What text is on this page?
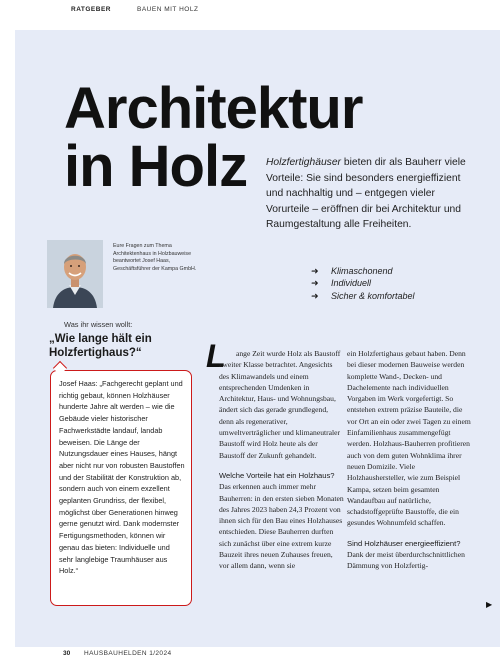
RATGEBER	BAUEN MIT HOLZ
Architektur
in Holz	Holzfertighäuser bieten dir als Bauherr viele Vorteile: Sie sind besonders energieffizient und nachhaltig und – entgegen vieler Vorurteile – eröffnen dir bei Architektur und Raumgestaltung alle Freiheiten.
Eure Fragen zum Thema Architektenhaus in Holzbauweise beantwortet Josef Haas, Geschäftsführer der Kampa GmbH.	➜ Klimaschonend
➜ Individuell
➜ Sicher & komfortabel
Was ihr wissen wollt:
„Wie lange hält ein Holzfertighaus?“
Josef Haas: „Fachgerecht geplant und richtig gebaut, können Holzhäuser hunderte Jahre alt werden – wie die Gebäude vieler historischer Fachwerkstädte landauf, landab beweisen. Die Länge der Nutzungsdauer eines Hauses, hängt aber nicht nur von robusten Baustoffen und der Stabilität der Konstruktion ab, sondern auch von einem exzellent geplanten Grundriss, der flexibel, möglichst über Generationen hinweg gerne genutzt wird. Dank modernster Fertigungsmethoden, können wir genau das bieten: Individuelle und sehr langlebige Traumhäuser aus Holz.“
L	ange Zeit wurde Holz als Baustoff zweiter Klasse betrachtet. Angesichts des Klimawandels und einem entsprechenden Umdenken in Architektur, Haus- und Wohnungsbau, ändert sich das gerade grundlegend, denn als regenerativer, umweltverträglicher und klimaneutraler Baustoff wird Holz heute als der Baustoff der Zukunft gehandelt.

Welche Vorteile hat ein Holzhaus?

Das erkennen auch immer mehr Bauherren: in den ersten sieben Monaten des Jahres 2023 haben 24,3 Prozent von ihnen sich für den Bau eines Holzhauses entschieden. Diese Bauherren durften sich zunächst über eine extrem kurze Bauzeit ihres neuen Zuhauses freuen, vor allem dann, wenn sie

ein Holzfertighaus gebaut haben. Denn bei dieser modernen Bauweise werden komplette Wand-, Decken- und Dachelemente nach individuellen Vorgaben im Werk vorgefertigt. So entstehen extrem präzise Bauteile, die vor Ort an ein oder zwei Tagen zu einem Einfamilienhaus zusammengefügt werden. Holzhaus-Bauherren profitieren auch von dem guten Wohnklima ihrer neuen Domizile. Viele Holzhaushersteller, wie zum Beispiel Kampa, setzen beim gesamten Wandaufbau auf natürliche, schadstoffgeprüfte Baustoffe, die ein gesundes Wohnumfeld schaffen.

Sind Holzhäuser energieeffizient?

Dank der meist überdurchschnittlichen Dämmung von Holzfertig-

▶
30 HAUSBAUHELDEN 1/2024
